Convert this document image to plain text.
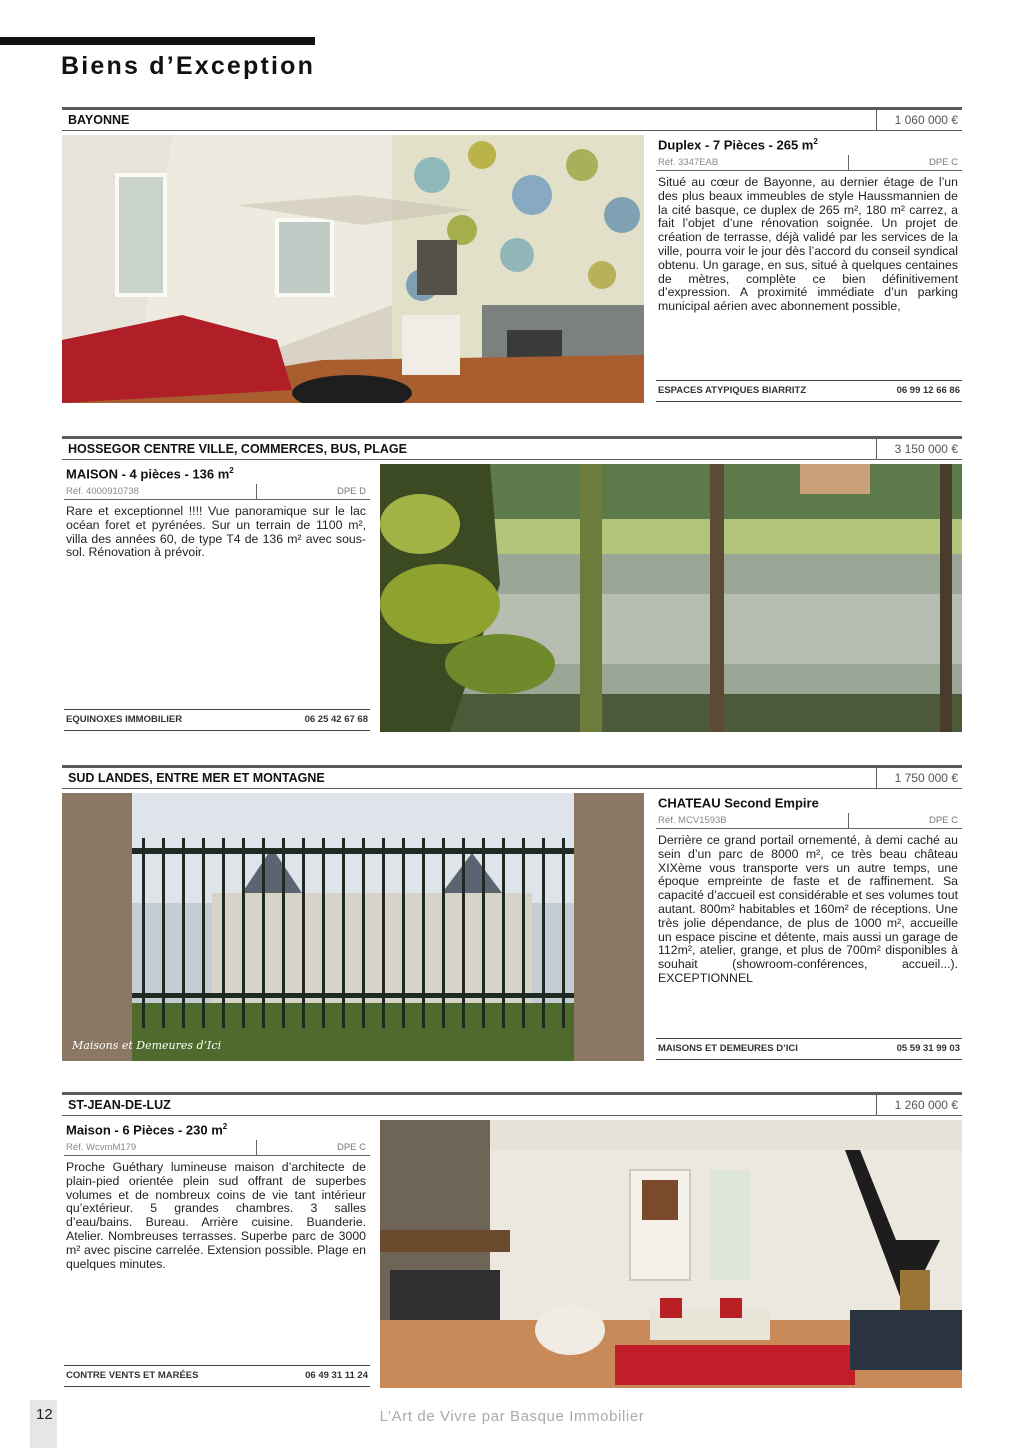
Biens d’Exception
BAYONNE	1 060 000 €
Duplex - 7 Pièces - 265 $m^2$
Réf. 3347EAB	DPE C

Situé au cœur de Bayonne, au dernier étage de l’un des plus beaux immeubles de style Haussmannien de la cité basque, ce duplex de 265 m², 180 m² carrez, a fait l’objet d’une rénovation soignée. Un projet de création de terrasse, déjà validé par les services de la ville, pourra voir le jour dès l’accord du conseil syndical obtenu. Un garage, en sus, situé à quelques centaines de mètres, complète ce bien définitivement d’expression. A proximité immédiate d’un parking municipal aérien avec abonnement possible,

ESPACES ATYPIQUES BIARRITZ	06 99 12 66 86
HOSSEGOR CENTRE VILLE, COMMERCES, BUS, PLAGE	3 150 000 €
MAISON - 4 pièces - 136 $m^2$
Réf. 4000910738	DPE D

Rare et exceptionnel !!!! Vue panoramique sur le lac océan foret et pyrénées. Sur un terrain de 1100 m², villa des années 60, de type T4 de 136 m² avec sous-sol. Rénovation à prévoir.

EQUINOXES IMMOBILIER	06 25 42 67 68
SUD LANDES, ENTRE MER ET MONTAGNE	1 750 000 €
Maisons et Demeures d’Ici
CHATEAU Second Empire
Réf. MCV1593B	DPE C

Derrière ce grand portail ornementé, à demi caché au sein d’un parc de 8000 m², ce très beau château XIXème vous transporte vers un autre temps, une époque empreinte de faste et de raffinement. Sa capacité d’accueil est considérable et ses volumes tout autant. 800m² habitables et 160m² de réceptions. Une très jolie dépendance, de plus de 1000 m², accueille un espace piscine et détente, mais aussi un garage de 112m², atelier, grange, et plus de 700m² disponibles à souhait (showroom-conférences, accueil...). EXCEPTIONNEL

MAISONS ET DEMEURES D’ICI	05 59 31 99 03
ST-JEAN-DE-LUZ	1 260 000 €
Maison - 6 Pièces - 230 $m^2$
Réf. WcvmM179	DPE C

Proche Guéthary lumineuse maison d’architecte de plain-pied orientée plein sud offrant de superbes volumes et de nombreux coins de vie tant intérieur qu’extérieur. 5 grandes chambres. 3 salles d’eau/bains. Bureau. Arrière cuisine. Buanderie. Atelier. Nombreuses terrasses. Superbe parc de 3000 m² avec piscine carrelée. Extension possible. Plage en quelques minutes.

CONTRE VENTS ET MARÉES	06 49 31 11 24
12	L’Art de Vivre par Basque Immobilier
